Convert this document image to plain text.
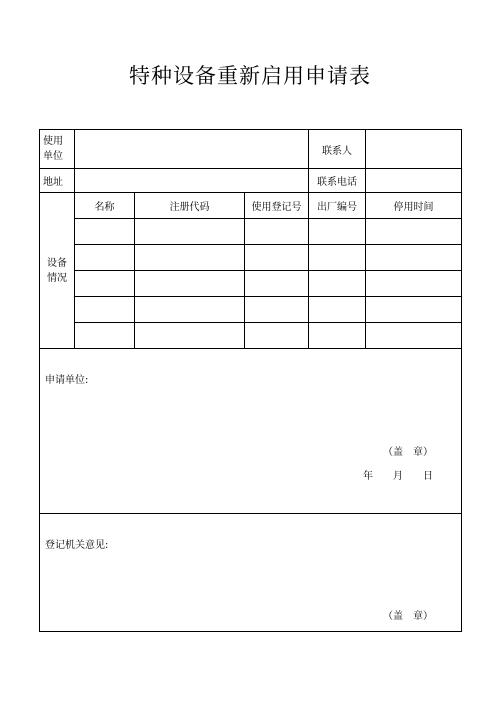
特种设备重新启用申请表
使用
单位				联系人	
地址				联系电话	
设备
情况	名称	注册代码	使用登记号	出厂编号	停用时间

申请单位:
（盖　章）
年　　月　　日					

登记机关意见:
（盖　章）					
